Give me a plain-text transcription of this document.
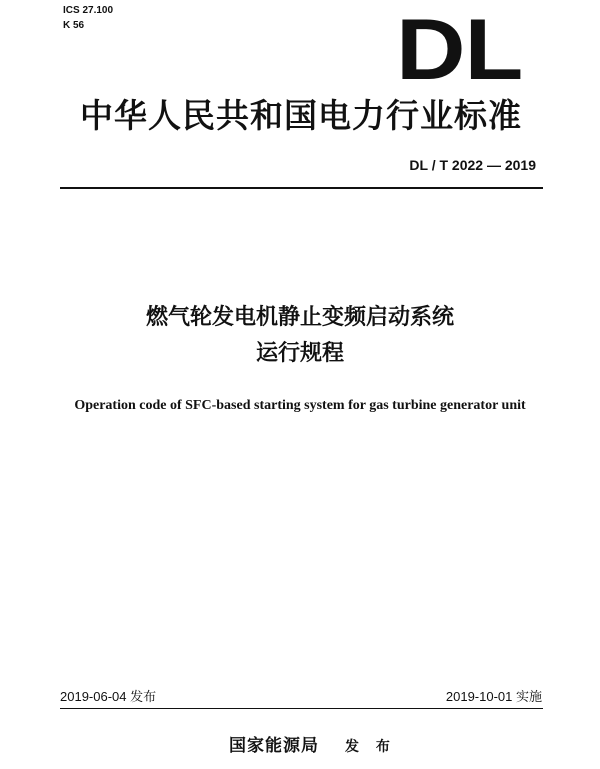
ICS 27.100
K 56	DL
中华人民共和国电力行业标准
DL / T 2022 — 2019
燃气轮发电机静止变频启动系统
运行规程
Operation code of SFC-based starting system for gas turbine generator unit
2019-06-04 发布	2019-10-01 实施
国家能源局 发 布
